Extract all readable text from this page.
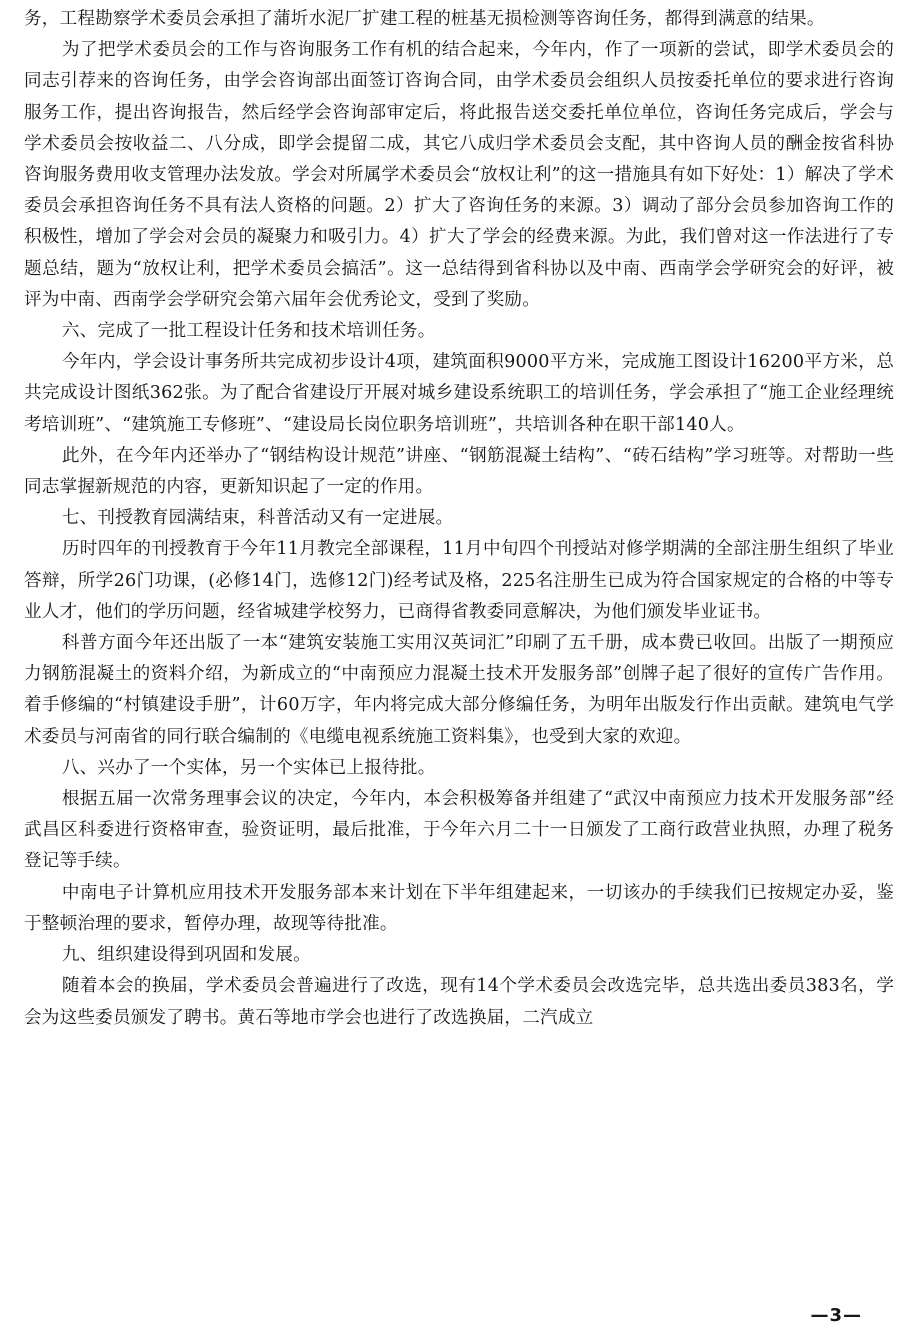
务，工程勘察学术委员会承担了蒲圻水泥厂扩建工程的桩基无损检测等咨询任务，都得到满意的结果。

为了把学术委员会的工作与咨询服务工作有机的结合起来，今年内，作了一项新的尝试，即学术委员会的同志引荐来的咨询任务，由学会咨询部出面签订咨询合同，由学术委员会组织人员按委托单位的要求进行咨询服务工作，提出咨询报告，然后经学会咨询部审定后，将此报告送交委托单位单位，咨询任务完成后，学会与学术委员会按收益二、八分成，即学会提留二成，其它八成归学术委员会支配，其中咨询人员的酬金按省科协咨询服务费用收支管理办法发放。学会对所属学术委员会“放权让利”的这一措施具有如下好处：1）解决了学术委员会承担咨询任务不具有法人资格的问题。2）扩大了咨询任务的来源。3）调动了部分会员参加咨询工作的积极性，增加了学会对会员的凝聚力和吸引力。4）扩大了学会的经费来源。为此，我们曾对这一作法进行了专题总结，题为“放权让利，把学术委员会搞活”。这一总结得到省科协以及中南、西南学会学研究会的好评，被评为中南、西南学会学研究会第六届年会优秀论文，受到了奖励。

六、完成了一批工程设计任务和技术培训任务。

今年内，学会设计事务所共完成初步设计4项，建筑面积9000平方米，完成施工图设计16200平方米，总共完成设计图纸362张。为了配合省建设厅开展对城乡建设系统职工的培训任务，学会承担了“施工企业经理统考培训班”、“建筑施工专修班”、“建设局长岗位职务培训班”，共培训各种在职干部140人。

此外，在今年内还举办了“钢结构设计规范”讲座、“钢筋混凝土结构”、“砖石结构”学习班等。对帮助一些同志掌握新规范的内容，更新知识起了一定的作用。

七、刊授教育园满结束，科普活动又有一定进展。

历时四年的刊授教育于今年11月教完全部课程，11月中旬四个刊授站对修学期满的全部注册生组织了毕业答辩，所学26门功课，(必修14门，选修12门)经考试及格，225名注册生已成为符合国家规定的合格的中等专业人才，他们的学历问题，经省城建学校努力，已商得省教委同意解决，为他们颁发毕业证书。

科普方面今年还出版了一本“建筑安装施工实用汉英词汇”印刷了五千册，成本费已收回。出版了一期预应力钢筋混凝土的资料介绍，为新成立的“中南预应力混凝土技术开发服务部”创牌子起了很好的宣传广告作用。着手修编的“村镇建设手册”，计60万字，年内将完成大部分修编任务，为明年出版发行作出贡献。建筑电气学术委员与河南省的同行联合编制的《电缆电视系统施工资料集》，也受到大家的欢迎。

八、兴办了一个实体，另一个实体已上报待批。

根据五届一次常务理事会议的决定，今年内，本会积极筹备并组建了“武汉中南预应力技术开发服务部”经武昌区科委进行资格审查，验资证明，最后批准，于今年六月二十一日颁发了工商行政营业执照，办理了税务登记等手续。

中南电子计算机应用技术开发服务部本来计划在下半年组建起来，一切该办的手续我们已按规定办妥，鉴于整顿治理的要求，暂停办理，故现等待批准。

九、组织建设得到巩固和发展。

随着本会的换届，学术委员会普遍进行了改选，现有14个学术委员会改选完毕，总共选出委员383名，学会为这些委员颁发了聘书。黄石等地市学会也进行了改选换届，二汽成立

—3—
